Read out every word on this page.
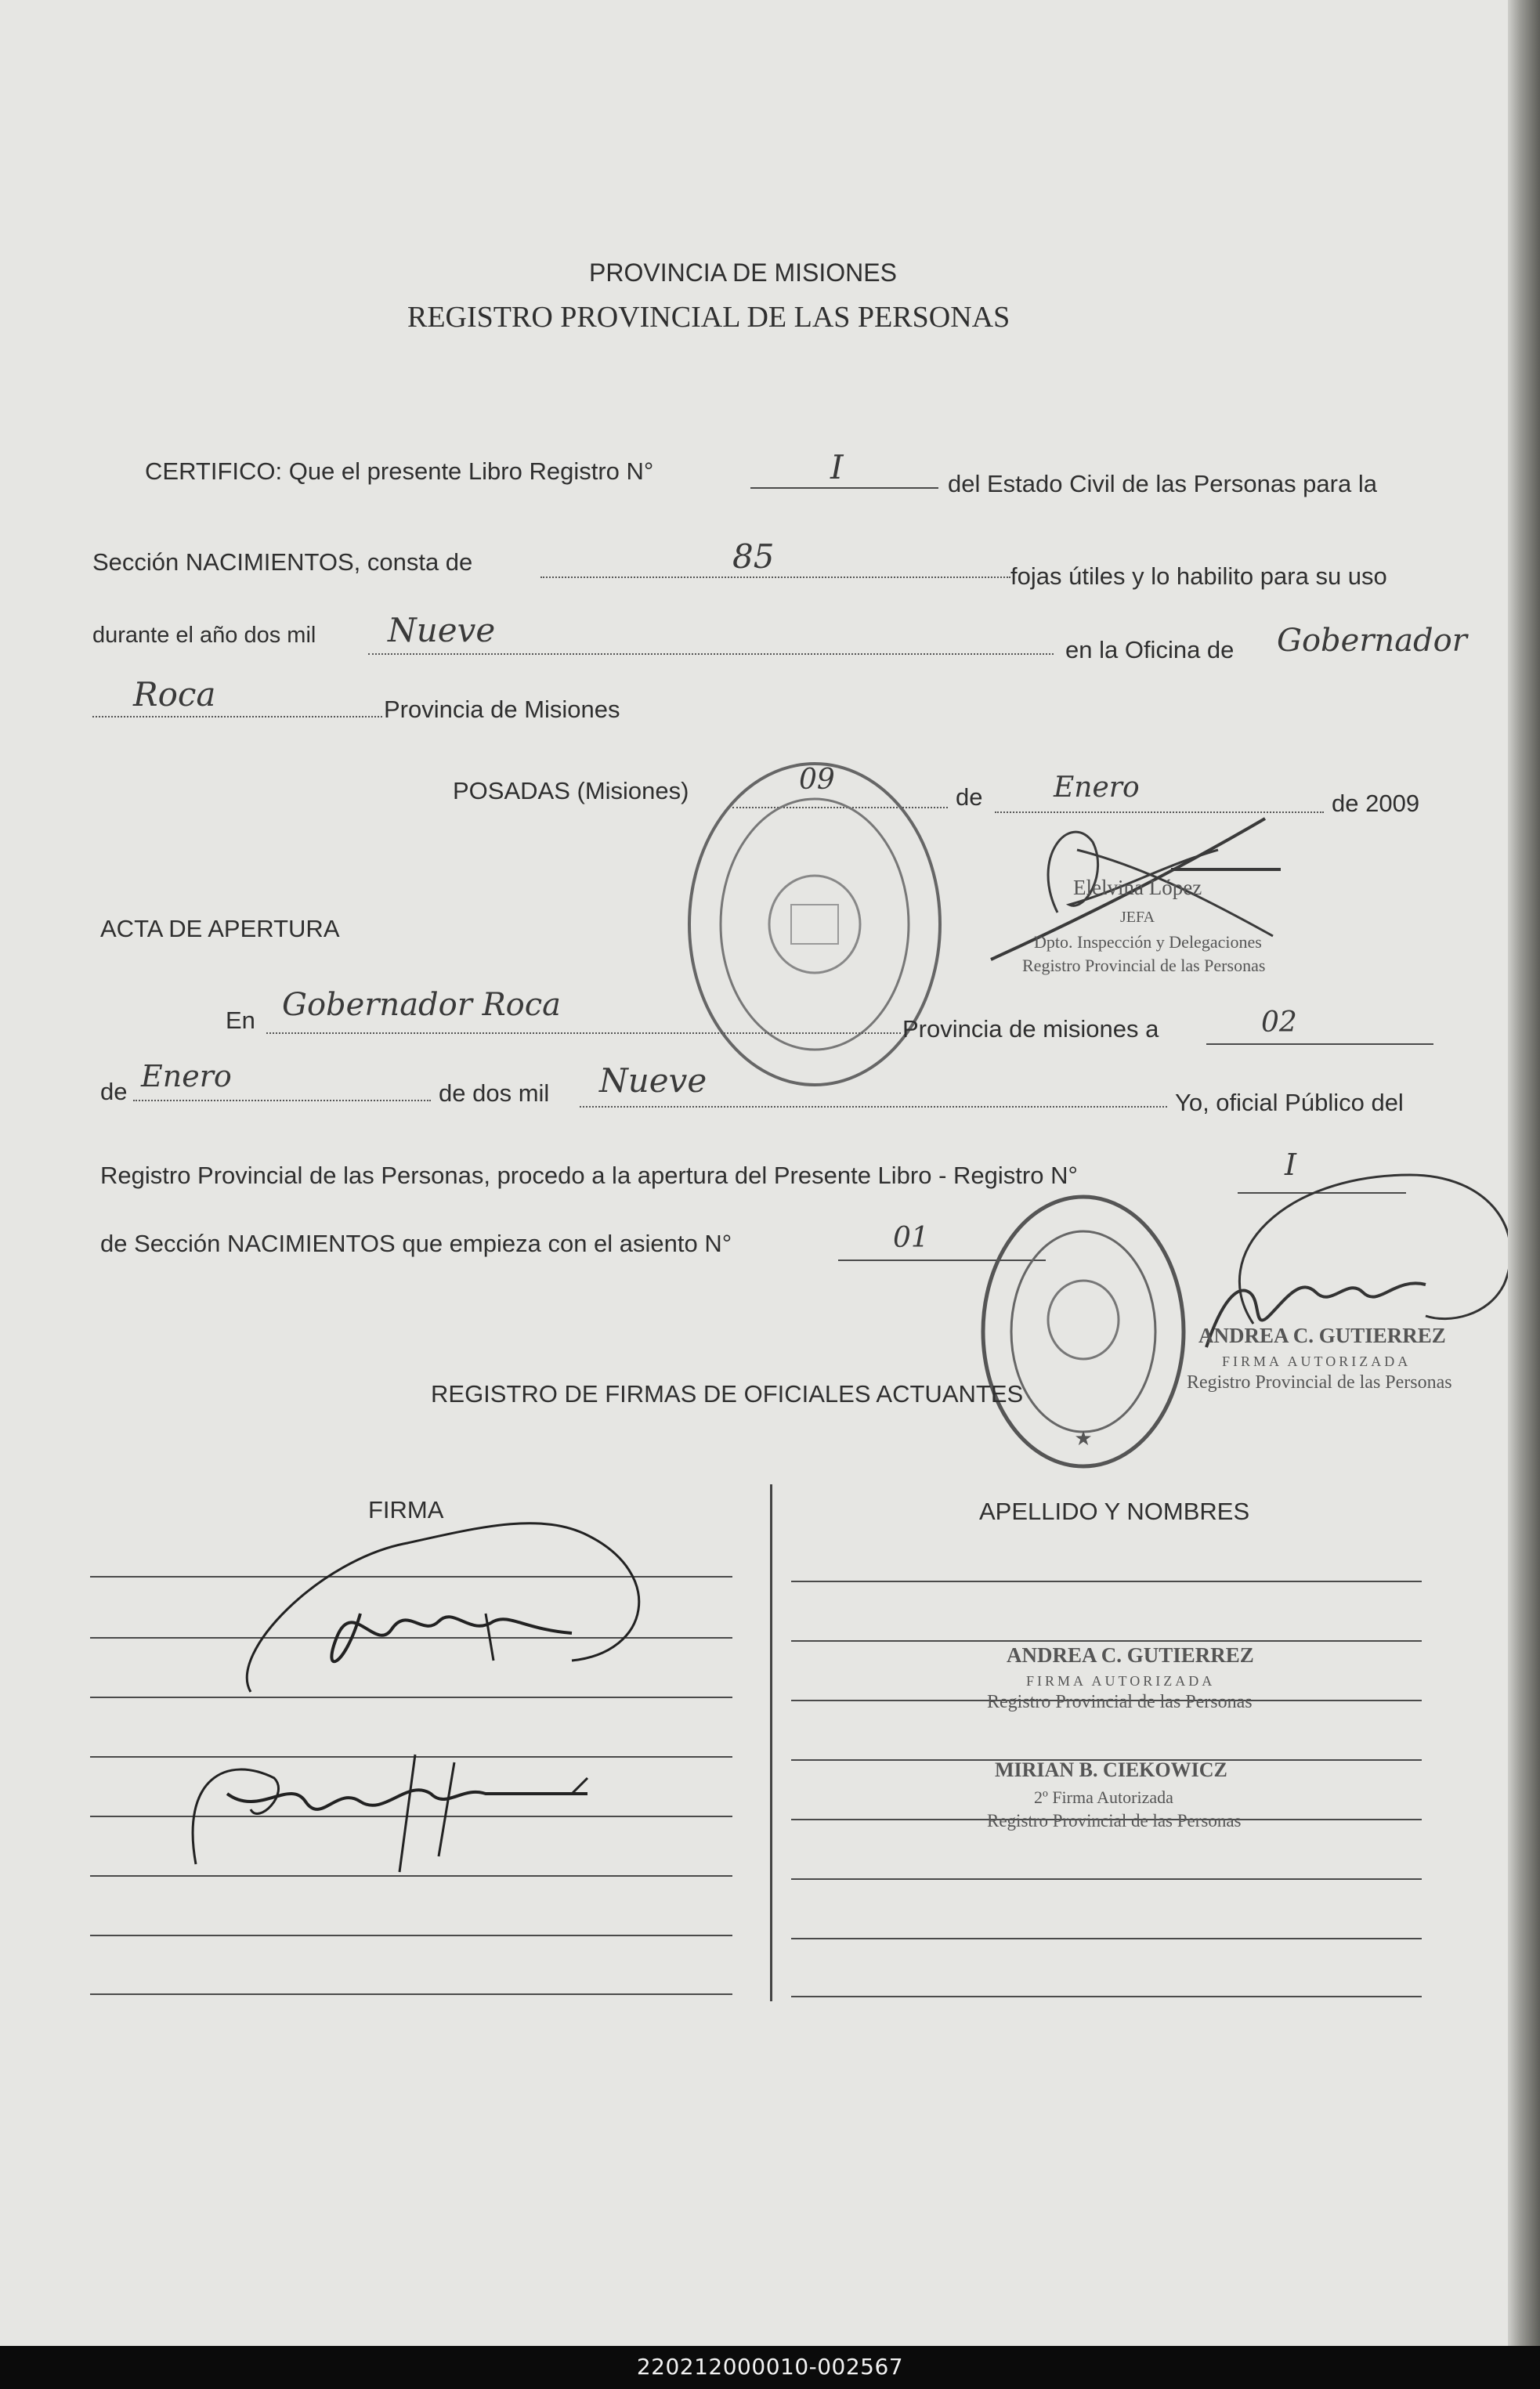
PROVINCIA DE MISIONES
REGISTRO PROVINCIAL DE LAS PERSONAS
CERTIFICO: Que el presente Libro Registro N°	I	del Estado Civil de las Personas para la
Sección NACIMIENTOS, consta de	85
fojas útiles y lo habilito para su uso
durante el año dos mil Nueve
en la Oficina de Gobernador
Roca	Provincia de Misiones
POSADAS (Misiones)	09
de	Enero	de 2009
Elelvina López
JEFA
Dpto. Inspección y Delegaciones
Registro Provincial de las Personas
ACTA DE APERTURA
En Gobernador Roca
Provincia de misiones a	02
de Enero	de dos mil Nueve
Yo, oficial Público del
Registro Provincial de las Personas, procedo a la apertura del Presente Libro - Registro N°	I
de Sección NACIMIENTOS que empieza con el asiento N°	01
★
ANDREA C. GUTIERREZ
FIRMA AUTORIZADA
Registro Provincial de las Personas
REGISTRO DE FIRMAS DE OFICIALES ACTUANTES
FIRMA	APELLIDO Y NOMBRES
ANDREA C. GUTIERREZ
FIRMA AUTORIZADA
Registro Provincial de las Personas
MIRIAN B. CIEKOWICZ
2º Firma Autorizada
Registro Provincial de las Personas
220212000010-002567
